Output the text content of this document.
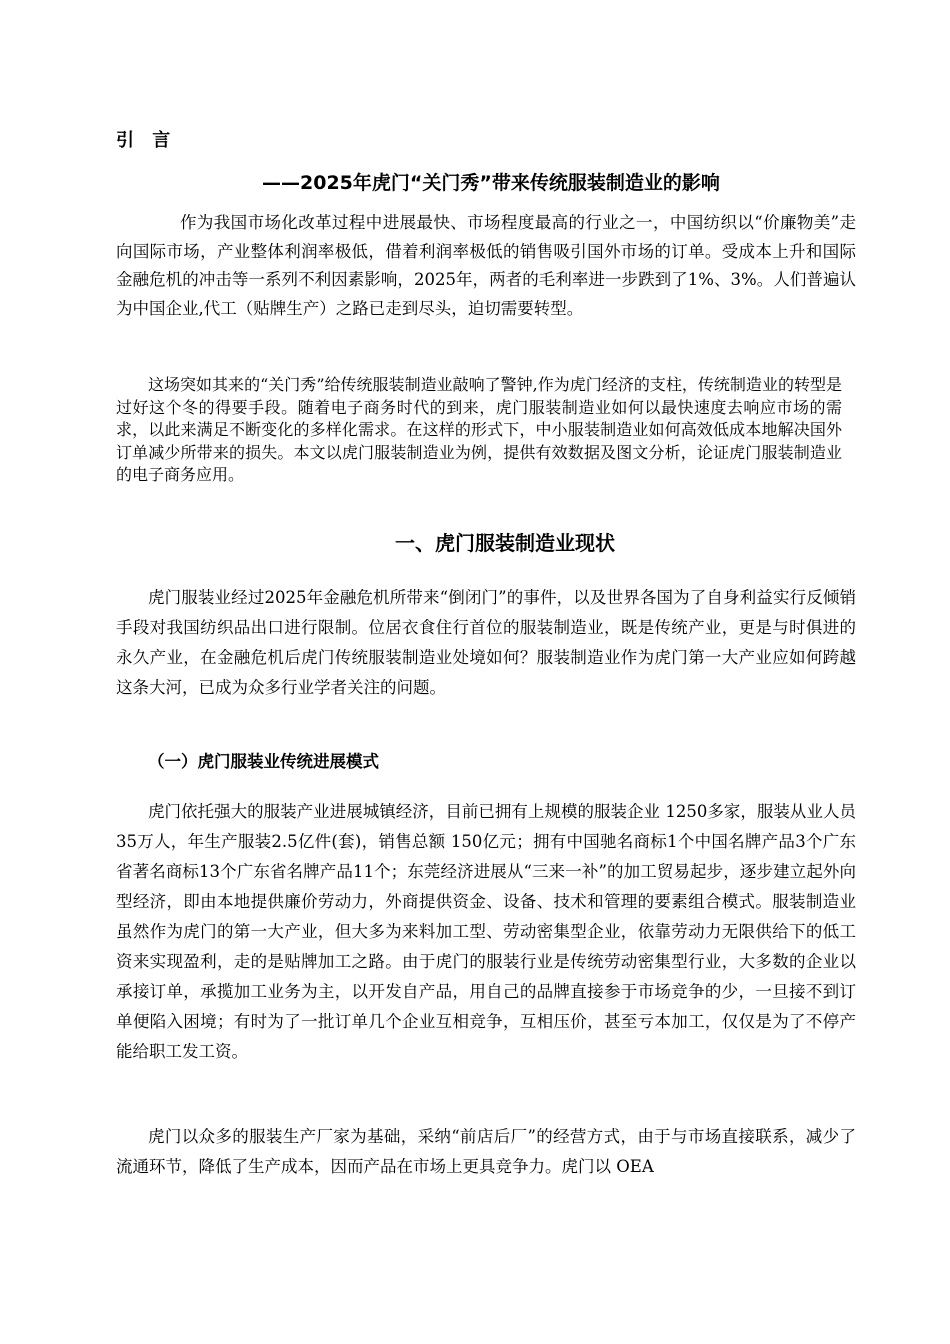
引 言
——2025年虎门“关门秀”带来传统服装制造业的影响

作为我国市场化改革过程中进展最快、市场程度最高的行业之一，中国纺织以“价廉物美”走向国际市场，产业整体利润率极低，借着利润率极低的销售吸引国外市场的订单。受成本上升和国际金融危机的冲击等一系列不利因素影响，2025年，两者的毛利率进一步跌到了1%、3%。人们普遍认为中国企业,代工（贴牌生产）之路已走到尽头，迫切需要转型。

这场突如其来的“关门秀”给传统服装制造业敲响了警钟,作为虎门经济的支柱，传统制造业的转型是过好这个冬的得要手段。随着电子商务时代的到来，虎门服装制造业如何以最快速度去响应市场的需求，以此来满足不断变化的多样化需求。在这样的形式下，中小服装制造业如何高效低成本地解决国外订单减少所带来的损失。本文以虎门服装制造业为例，提供有效数据及图文分析，论证虎门服装制造业的电子商务应用。

一、虎门服装制造业现状

虎门服装业经过2025年金融危机所带来“倒闭门”的事件，以及世界各国为了自身利益实行反倾销手段对我国纺织品出口进行限制。位居衣食住行首位的服装制造业，既是传统产业，更是与时俱进的永久产业，在金融危机后虎门传统服装制造业处境如何？服装制造业作为虎门第一大产业应如何跨越这条大河，已成为众多行业学者关注的问题。

（一）虎门服装业传统进展模式

虎门依托强大的服装产业进展城镇经济，目前已拥有上规模的服装企业 1250多家，服装从业人员35万人，年生产服装2.5亿件(套)，销售总额 150亿元；拥有中国驰名商标1个中国名牌产品3个广东省著名商标13个广东省名牌产品11个；东莞经济进展从“三来一补”的加工贸易起步，逐步建立起外向型经济，即由本地提供廉价劳动力，外商提供资金、设备、技术和管理的要素组合模式。服装制造业虽然作为虎门的第一大产业，但大多为来料加工型、劳动密集型企业，依靠劳动力无限供给下的低工资来实现盈利，走的是贴牌加工之路。由于虎门的服装行业是传统劳动密集型行业，大多数的企业以承接订单，承揽加工业务为主，以开发自产品，用自己的品牌直接参于市场竞争的少，一旦接不到订单便陷入困境；有时为了一批订单几个企业互相竞争，互相压价，甚至亏本加工，仅仅是为了不停产能给职工发工资。

虎门以众多的服装生产厂家为基础，采纳“前店后厂”的经营方式，由于与市场直接联系，减少了流通环节，降低了生产成本，因而产品在市场上更具竞争力。虎门以 OEA
